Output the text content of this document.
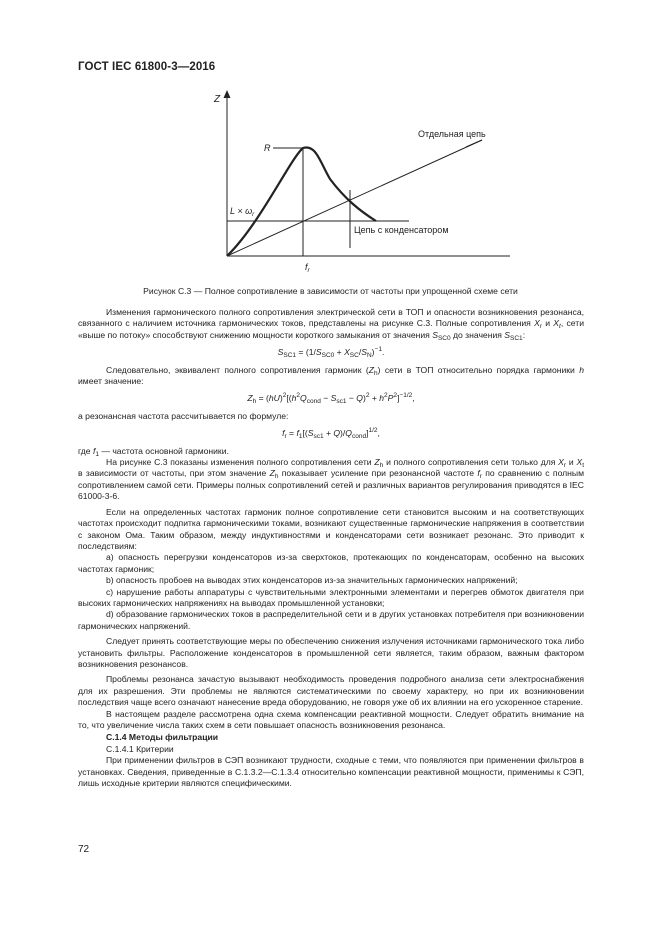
ГОСТ IEC 61800-3—2016
Z
$L \times \omega_r$
R
$f_r$
Отдельная цепь
Цепь с конденсатором
Рисунок С.3 — Полное сопротивление в зависимости от частоты при упрощенной схеме сети

Изменения гармонического полного сопротивления электрической сети в ТОП и опасности возникновения резонанса, связанного с наличием источника гармонических токов, представлены на рисунке С.3. Полные сопротивления $X_r$ и $X_t$, сети «выше по потоку» способствуют снижению мощности короткого замыкания от значения $S_{SC0}$ до значения $S_{SC1}$:

$S_{SC1} = (1/S_{SC0} + X_{SC}/S_N)^{-1}$.

Следовательно, эквивалент полного сопротивления гармоник $(Z_h)$ сети в ТОП относительно порядка гармоники h имеет значение:

$Z_h = (hU)^2[(h^2Q_{cond} - S_{sc1} - Q)^2 + h^2P^2]^{-1/2}$,

а резонансная частота рассчитывается по формуле:

$f_r = f_1[(S_{sc1} + Q)/Q_{cond}]^{1/2}$,

где $f_1$ — частота основной гармоники.

На рисунке С.3 показаны изменения полного сопротивления сети $Z_h$ и полного сопротивления сети только для $X_r$ и $X_t$ в зависимости от частоты, при этом значение $Z_h$ показывает усиление при резонансной частоте $f_r$ по сравнению с полным сопротивлением самой сети. Примеры полных сопротивлений сетей и различных вариантов регулирования приводятся в IEC 61000-3-6.

Если на определенных частотах гармоник полное сопротивление сети становится высоким и на соответствующих частотах происходит подпитка гармоническими токами, возникают существенные гармонические напряжения в соответствии с законом Ома. Таким образом, между индуктивностями и конденсаторами сети возникает резонанс. Это приводит к последствиям:

a) опасность перегрузки конденсаторов из-за сверхтоков, протекающих по конденсаторам, особенно на высоких частотах гармоник;

b) опасность пробоев на выводах этих конденсаторов из-за значительных гармонических напряжений;

c) нарушение работы аппаратуры с чувствительными электронными элементами и перегрев обмоток двигателя при высоких гармонических напряжениях на выводах промышленной установки;

d) образование гармонических токов в распределительной сети и в других установках потребителя при возникновении гармонических напряжений.

Следует принять соответствующие меры по обеспечению снижения излучения источниками гармонического тока либо установить фильтры. Расположение конденсаторов в промышленной сети является, таким образом, важным фактором возникновения резонансов.

Проблемы резонанса зачастую вызывают необходимость проведения подробного анализа сети электроснабжения для их разрешения. Эти проблемы не являются систематическими по своему характеру, но при их возникновении последствия чаще всего означают нанесение вреда оборудованию, не говоря уже об их влиянии на его ускоренное старение.

В настоящем разделе рассмотрена одна схема компенсации реактивной мощности. Следует обратить внимание на то, что увеличение числа таких схем в сети повышает опасность возникновения резонанса.

С.1.4 Методы фильтрации

С.1.4.1 Критерии

При применении фильтров в СЭП возникают трудности, сходные с теми, что появляются при применении фильтров в установках. Сведения, приведенные в С.1.3.2—С.1.3.4 относительно компенсации реактивной мощности, применимы к СЭП, лишь исходные критерии являются специфическими.

72
